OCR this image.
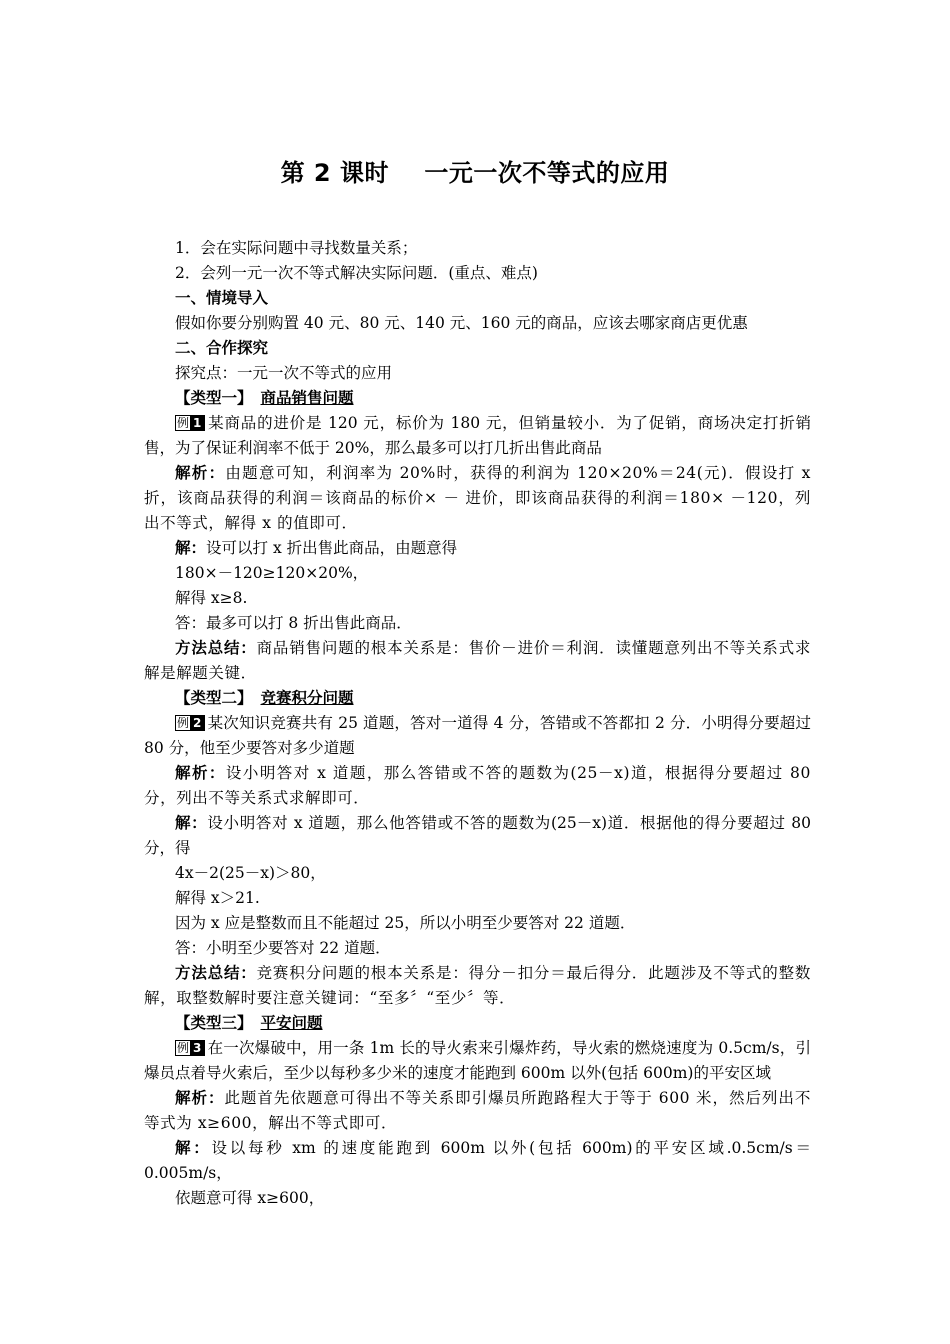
第 2 课时    一元一次不等式的应用

1．会在实际问题中寻找数量关系；

2．会列一元一次不等式解决实际问题．(重点、难点)

一、情境导入

假如你要分别购置 40 元、80 元、140 元、160 元的商品，应该去哪家商店更优惠

二、合作探究

探究点：一元一次不等式的应用

【类型一】 商品销售问题

例 1 某商品的进价是 120 元，标价为 180 元，但销量较小．为了促销，商场决定打折销售，为了保证利润率不低于 20%，那么最多可以打几折出售此商品

解析：由题意可知，利润率为 20%时，获得的利润为 120×20%＝24(元)．假设打 x 折，该商品获得的利润＝该商品的标价× － 进价，即该商品获得的利润＝180× －120，列出不等式，解得 x 的值即可．

解：设可以打 x 折出售此商品，由题意得

180×－120≥120×20%，

解得 x≥8.

答：最多可以打 8 折出售此商品．

方法总结：商品销售问题的根本关系是：售价－进价＝利润．读懂题意列出不等关系式求解是解题关键．

【类型二】 竞赛积分问题

例 2 某次知识竞赛共有 25 道题，答对一道得 4 分，答错或不答都扣 2 分．小明得分要超过 80 分，他至少要答对多少道题

解析：设小明答对 x 道题，那么答错或不答的题数为(25－x)道，根据得分要超过 80 分，列出不等关系式求解即可．

解：设小明答对 x 道题，那么他答错或不答的题数为(25－x)道．根据他的得分要超过 80 分，得

4x－2(25－x)＞80，

解得 x＞21.

因为 x 应是整数而且不能超过 25，所以小明至少要答对 22 道题．

答：小明至少要答对 22 道题．

方法总结：竞赛积分问题的根本关系是：得分－扣分＝最后得分．此题涉及不等式的整数解，取整数解时要注意关键词：“至多〞“至少〞等．

【类型三】 平安问题

例 3 在一次爆破中，用一条 1m 长的导火索来引爆炸药，导火索的燃烧速度为 0.5cm/s，引爆员点着导火索后，至少以每秒多少米的速度才能跑到 600m 以外(包括 600m)的平安区域

解析：此题首先依题意可得出不等关系即引爆员所跑路程大于等于 600 米，然后列出不等式为 x≥600，解出不等式即可．

解：设以每秒 xm 的速度能跑到 600m 以外(包括 600m)的平安区域.0.5cm/s＝0.005m/s，

依题意可得 x≥600，
